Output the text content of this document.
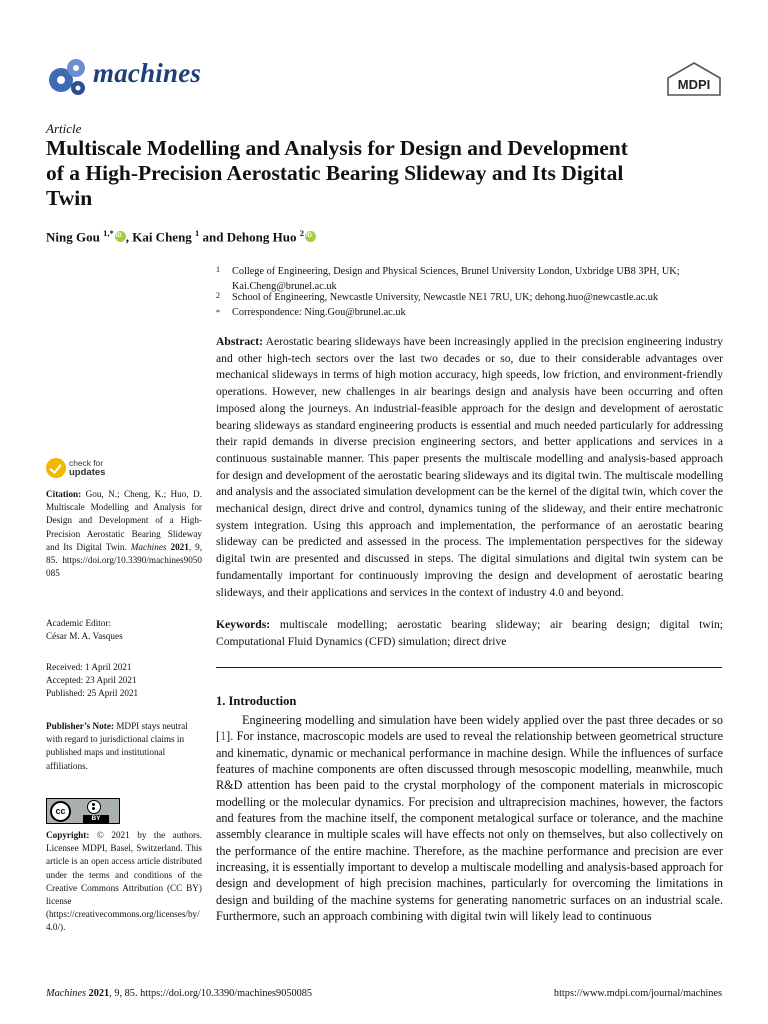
machines	MDPI
Article
Multiscale Modelling and Analysis for Design and Development of a High-Precision Aerostatic Bearing Slideway and Its Digital Twin
Ning Gou $^{1,*}$iD , Kai Cheng $^1$ and Dehong Huo $^2$iD
1	College of Engineering, Design and Physical Sciences, Brunel University London, Uxbridge UB8 3PH, UK; Kai.Cheng@brunel.ac.uk
2	School of Engineering, Newcastle University, Newcastle NE1 7RU, UK; dehong.huo@newcastle.ac.uk
*	Correspondence: Ning.Gou@brunel.ac.uk
Abstract: Aerostatic bearing slideways have been increasingly applied in the precision engineering industry and other high-tech sectors over the last two decades or so, due to their considerable advantages over mechanical slideways in terms of high motion accuracy, high speeds, low friction, and environment-friendly operations. However, new challenges in air bearings design and analysis have been occurring and often imposed along the journeys. An industrial-feasible approach for the design and development of aerostatic bearing slideways as standard engineering products is essential and much needed particularly for addressing their rapid demands in diverse precision engineering sectors, and better applications and services in a continuous sustainable manner. This paper presents the multiscale modelling and analysis-based approach for design and development of the aerostatic bearing slideways and its digital twin. The multiscale modelling and analysis and the associated simulation development can be the kernel of the digital twin, which cover the mechanical design, direct drive and control, dynamics tuning of the slideway, and their entire mechatronic system integration. Using this approach and implementation, the performance of an aerostatic bearing slideway can be predicted and assessed in the process. The implementation perspectives for the sideway digital twin are presented and discussed in steps. The digital simulations and digital twin system can be fundamentally important for continuously improving the design and development of aerostatic bearing slideways, and their applications and services in the context of industry 4.0 and beyond.
Keywords: multiscale modelling; aerostatic bearing slideway; air bearing design; digital twin; Computational Fluid Dynamics (CFD) simulation; direct drive
1. Introduction
Engineering modelling and simulation have been widely applied over the past three decades or so [1]. For instance, macroscopic models are used to reveal the relationship between geometrical structure and kinematic, dynamic or mechanical performance in machine design. While the influences of surface features of machine components are often discussed through mesoscopic modelling, meanwhile, much R&D attention has been paid to the crystal morphology of the component materials in microscopic modelling or the molecular dynamics. For precision and ultraprecision machines, however, the factors and features from the machine itself, the component metalogical surface or tolerance, and the machine assembly clearance in multiple scales will have effects not only on themselves, but also collectively on the performance of the entire machine. Therefore, as the machine performance and precision are ever increasing, it is essentially important to develop a multiscale modelling and analysis-based approach for design and development of high precision machines, particularly for overcoming the limitations in design and building of the machine systems for generating nanometric surfaces on an industrial scale. Furthermore, such an approach combining with digital twin will likely lead to continuous
check for
updates
Citation: Gou, N.; Cheng, K.; Huo, D. Multiscale Modelling and Analysis for Design and Development of a High-Precision Aerostatic Bearing Slideway and Its Digital Twin. Machines 2021, 9, 85. https://doi.org/10.3390/machines9050085
Academic Editor:
César M. A. Vasques
Received: 1 April 2021
Accepted: 23 April 2021
Published: 25 April 2021
Publisher’s Note: MDPI stays neutral with regard to jurisdictional claims in published maps and institutional affiliations.
cc
BY
Copyright: © 2021 by the authors. Licensee MDPI, Basel, Switzerland. This article is an open access article distributed under the terms and conditions of the Creative Commons Attribution (CC BY) license (https://creativecommons.org/licenses/by/4.0/).
Machines 2021, 9, 85. https://doi.org/10.3390/machines9050085	https://www.mdpi.com/journal/machines
